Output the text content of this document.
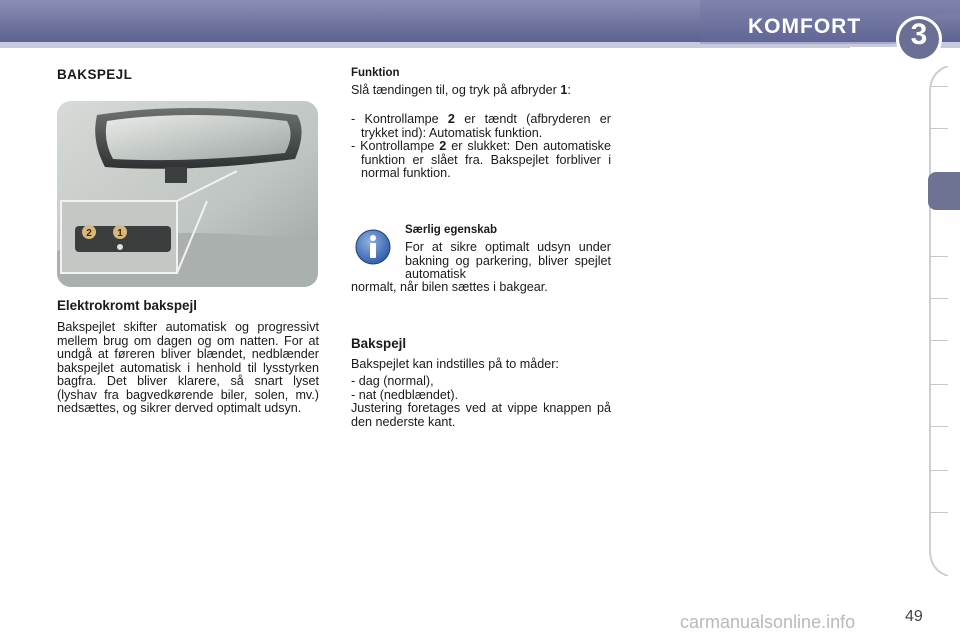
KOMFORT	3
BAKSPEJL
2	1
Elektrokromt bakspejl
Bakspejlet skifter automatisk og progressivt mellem brug om dagen og om natten. For at undgå at føreren bliver blændet, nedblænder bakspejlet automatisk i henhold til lysstyrken bagfra. Det bliver klarere, så snart lyset (lyshav fra bagvedkørende biler, solen, mv.) nedsættes, og sikrer derved optimalt udsyn.
Funktion
Slå tændingen til, og tryk på afbryder 1:
- Kontrollampe 2 er tændt (afbryderen er trykket ind): Automatisk funktion.
- Kontrollampe 2 er slukket: Den automatiske funktion er slået fra. Bakspejlet forbliver i normal funktion.
Særlig egenskab
For at sikre optimalt udsyn under bakning og parkering, bliver spejlet automatisk
normalt, når bilen sættes i bakgear.
Bakspejl
Bakspejlet kan indstilles på to måder:
- dag (normal),
- nat (nedblændet).
Justering foretages ved at vippe knappen på den nederste kant.
carmanualsonline.info	49
